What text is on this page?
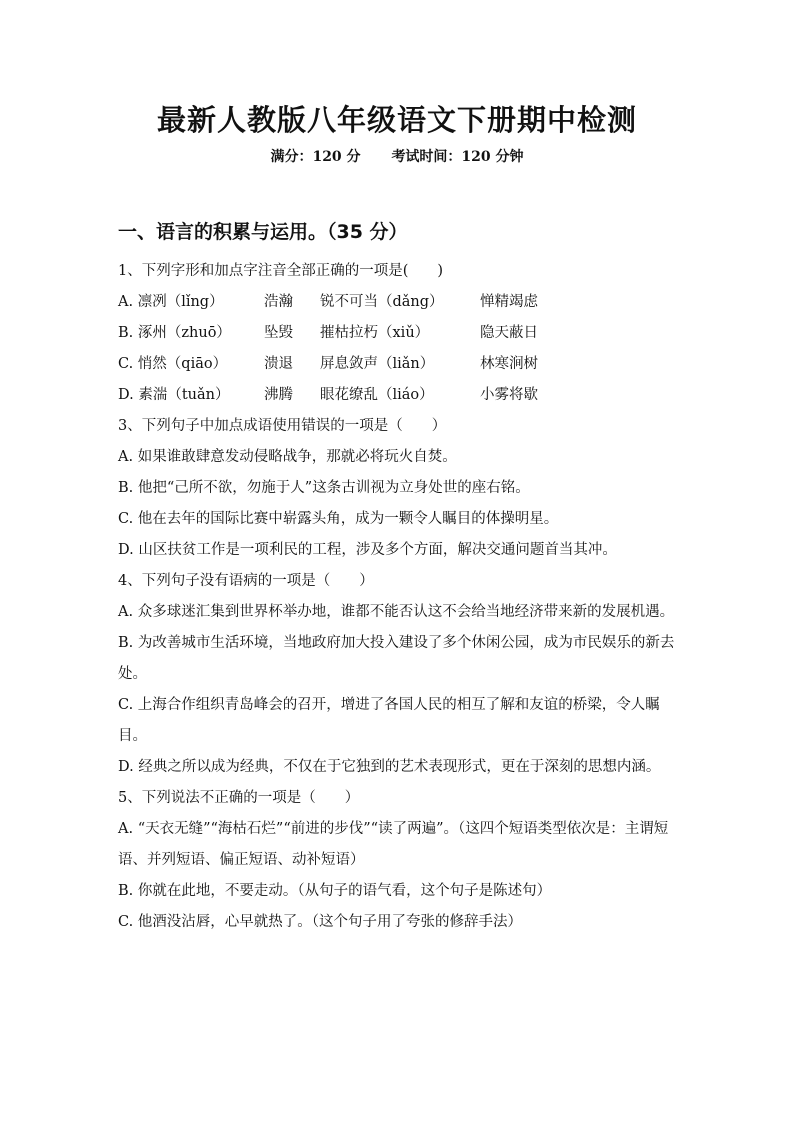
最新人教版八年级语文下册期中检测
满分：120 分 考试时间：120 分钟
一、语言的积累与运用。（35 分）
1、下列字形和加点字注音全部正确的一项是(　　)
A. 凛冽（lǐng）	浩瀚 锐不可当（dǎng）	惮精竭虑
B. 涿州（zhuō） 坠毁 摧枯拉朽（xiǔ）	隐天蔽日
C. 悄然（qiāo）	溃退 屏息敛声（liǎn）	林寒涧树
D. 素湍（tuǎn） 沸腾 眼花缭乱（liáo）	小雾将歇
3、下列句子中加点成语使用错误的一项是（　　）
A. 如果谁敢肆意发动侵略战争，那就必将玩火自焚。
B. 他把“己所不欲，勿施于人”这条古训视为立身处世的座右铭。
C. 他在去年的国际比赛中崭露头角，成为一颗令人瞩目的体操明星。
D. 山区扶贫工作是一项利民的工程，涉及多个方面，解决交通问题首当其冲。
4、下列句子没有语病的一项是（　　）
A. 众多球迷汇集到世界杯举办地，谁都不能否认这不会给当地经济带来新的发展机遇。
B. 为改善城市生活环境，当地政府加大投入建设了多个休闲公园，成为市民娱乐的新去处。
C. 上海合作组织青岛峰会的召开，增进了各国人民的相互了解和友谊的桥梁，令人瞩目。
D. 经典之所以成为经典，不仅在于它独到的艺术表现形式，更在于深刻的思想内涵。
5、下列说法不正确的一项是（　　）
A. “天衣无缝”“海枯石烂”“前进的步伐”“读了两遍”。（这四个短语类型依次是：主谓短语、并列短语、偏正短语、动补短语）
B. 你就在此地，不要走动。（从句子的语气看，这个句子是陈述句）
C. 他酒没沾唇，心早就热了。（这个句子用了夸张的修辞手法）
